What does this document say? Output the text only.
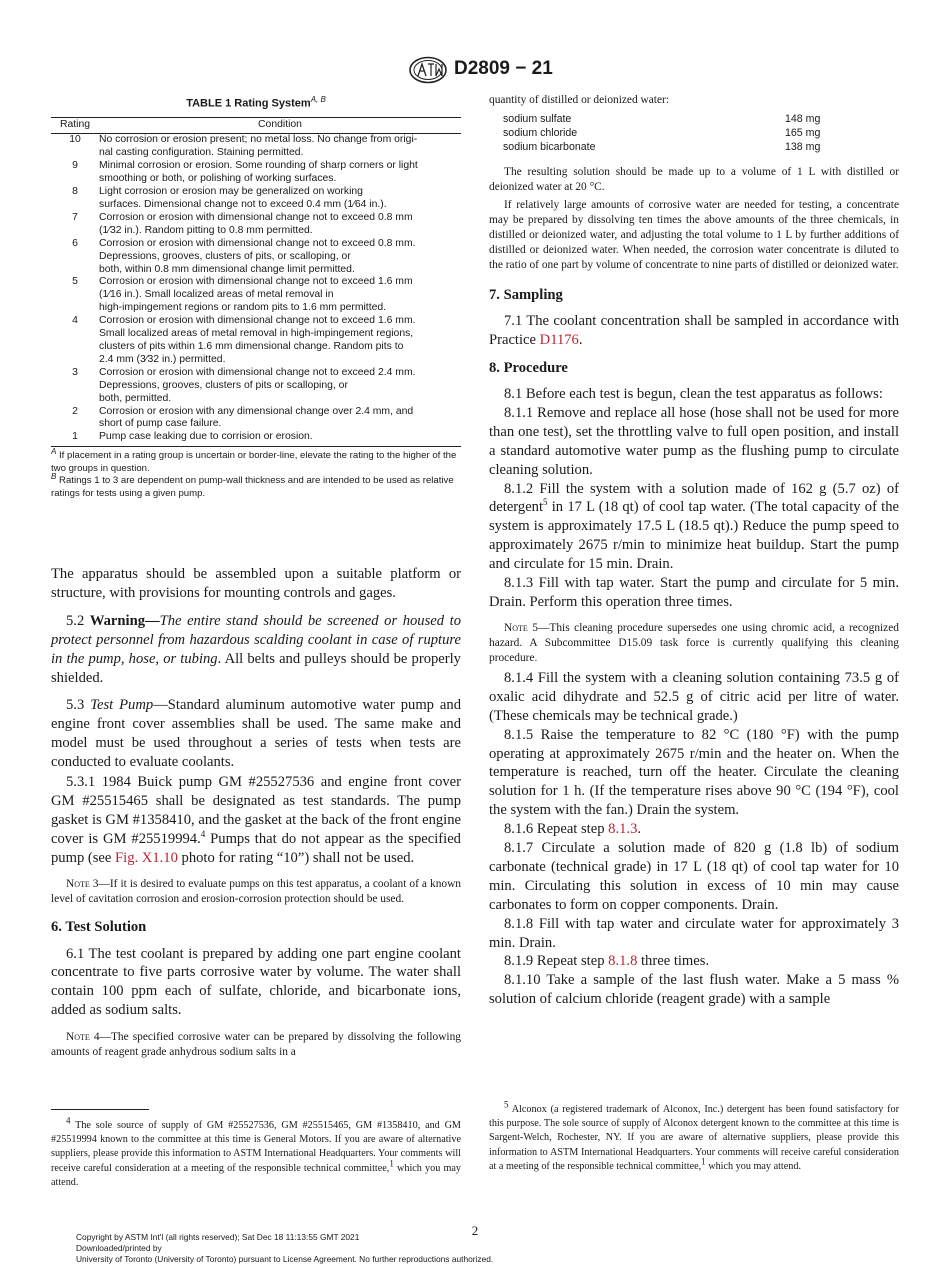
D2809 − 21
TABLE 1 Rating System$^{A, B}$
Rating	Condition
10	No corrosion or erosion present; no metal loss. No change from origi-
nal casting configuration. Staining permitted.

9	Minimal corrosion or erosion. Some rounding of sharp corners or light
smoothing or both, or polishing of working surfaces.

8	Light corrosion or erosion may be generalized on working
surfaces. Dimensional change not to exceed 0.4 mm (1⁄64 in.).

7	Corrosion or erosion with dimensional change not to exceed 0.8 mm
(1⁄32 in.). Random pitting to 0.8 mm permitted.

6	Corrosion or erosion with dimensional change not to exceed 0.8 mm.
Depressions, grooves, clusters of pits, or scalloping, or
both, within 0.8 mm dimensional change limit permitted.

5	Corrosion or erosion with dimensional change not to exceed 1.6 mm
(1⁄16 in.). Small localized areas of metal removal in
high-impingement regions or random pits to 1.6 mm permitted.

4	Corrosion or erosion with dimensional change not to exceed 1.6 mm.
Small localized areas of metal removal in high-impingement regions,
clusters of pits within 1.6 mm dimensional change. Random pits to
2.4 mm (3⁄32 in.) permitted.

3	Corrosion or erosion with dimensional change not to exceed 2.4 mm.
Depressions, grooves, clusters of pits or scalloping, or
both, permitted.

2	Corrosion or erosion with any dimensional change over 2.4 mm, and
short of pump case failure.

1	Pump case leaking due to corrision or erosion.
$^A$ If placement in a rating group is uncertain or border-line, elevate the rating to the higher of the two groups in question.
$^B$ Ratings 1 to 3 are dependent on pump-wall thickness and are intended to be used as relative ratings for tests using a given pump.

The apparatus should be assembled upon a suitable platform or structure, with provisions for mounting controls and gages.

5.2 Warning—The entire stand should be screened or housed to protect personnel from hazardous scalding coolant in case of rupture in the pump, hose, or tubing. All belts and pulleys should be properly shielded.

5.3 Test Pump—Standard aluminum automotive water pump and engine front cover assemblies shall be used. The same make and model must be used throughout a series of tests when tests are conducted to evaluate coolants.

5.3.1 1984 Buick pump GM #25527536 and engine front cover GM #25515465 shall be designated as test standards. The pump gasket is GM #1358410, and the gasket at the back of the front engine cover is GM #25519994.$^4$ Pumps that do not appear as the specified pump (see Fig. X1.10 photo for rating “10”) shall not be used.

Note 3—If it is desired to evaluate pumps on this test apparatus, a coolant of a known level of cavitation corrosion and erosion-corrosion protection should be used.

6. Test Solution

6.1 The test coolant is prepared by adding one part engine coolant concentrate to five parts corrosive water by volume. The water shall contain 100 ppm each of sulfate, chloride, and bicarbonate ions, added as sodium salts.

Note 4—The specified corrosive water can be prepared by dissolving the following amounts of reagent grade anhydrous sodium salts in a

$^4$ The sole source of supply of GM #25527536, GM #25515465, GM #1358410, and GM #25519994 known to the committee at this time is General Motors. If you are aware of alternative suppliers, please provide this information to ASTM International Headquarters. Your comments will receive careful consideration at a meeting of the responsible technical committee,$^1$ which you may attend.

quantity of distilled or deionized water:

sodium sulfate	148 mg
sodium chloride	165 mg
sodium bicarbonate	138 mg

The resulting solution should be made up to a volume of 1 L with distilled or deionized water at 20 °C.

If relatively large amounts of corrosive water are needed for testing, a concentrate may be prepared by dissolving ten times the above amounts of the three chemicals, in distilled or deionized water, and adjusting the total volume to 1 L by further additions of distilled or deionized water. When needed, the corrosion water concentrate is diluted to the ratio of one part by volume of concentrate to nine parts of distilled or deionized water.

7. Sampling

7.1 The coolant concentration shall be sampled in accordance with Practice D1176.

8. Procedure

8.1 Before each test is begun, clean the test apparatus as follows:

8.1.1 Remove and replace all hose (hose shall not be used for more than one test), set the throttling valve to full open position, and install a standard automotive water pump as the flushing pump to circulate cleaning solution.

8.1.2 Fill the system with a solution made of 162 g (5.7 oz) of detergent$^5$ in 17 L (18 qt) of cool tap water. (The total capacity of the system is approximately 17.5 L (18.5 qt).) Reduce the pump speed to approximately 2675 r/min to minimize heat buildup. Start the pump and circulate for 15 min. Drain.

8.1.3 Fill with tap water. Start the pump and circulate for 5 min. Drain. Perform this operation three times.

Note 5—This cleaning procedure supersedes one using chromic acid, a recognized hazard. A Subcommittee D15.09 task force is currently qualifying this cleaning procedure.

8.1.4 Fill the system with a cleaning solution containing 73.5 g of oxalic acid dihydrate and 52.5 g of citric acid per litre of water. (These chemicals may be technical grade.)

8.1.5 Raise the temperature to 82 °C (180 °F) with the pump operating at approximately 2675 r/min and the heater on. When the temperature is reached, turn off the heater. Circulate the cleaning solution for 1 h. (If the temperature rises above 90 °C (194 °F), cool the system with the fan.) Drain the system.

8.1.6 Repeat step 8.1.3.

8.1.7 Circulate a solution made of 820 g (1.8 lb) of sodium carbonate (technical grade) in 17 L (18 qt) of cool tap water for 10 min. Circulating this solution in excess of 10 min may cause carbonates to form on copper components. Drain.

8.1.8 Fill with tap water and circulate water for approximately 3 min. Drain.

8.1.9 Repeat step 8.1.8 three times.

8.1.10 Take a sample of the last flush water. Make a 5 mass % solution of calcium chloride (reagent grade) with a sample

$^5$ Alconox (a registered trademark of Alconox, Inc.) detergent has been found satisfactory for this purpose. The sole source of supply of Alconox detergent known to the committee at this time is Sargent-Welch, Rochester, NY. If you are aware of alternative suppliers, please provide this information to ASTM International Headquarters. Your comments will receive careful consideration at a meeting of the responsible technical committee,$^1$ which you may attend.

2
Copyright by ASTM Int'l (all rights reserved); Sat Dec 18 11:13:55 GMT 2021
Downloaded/printed by
University of Toronto (University of Toronto) pursuant to License Agreement. No further reproductions authorized.
